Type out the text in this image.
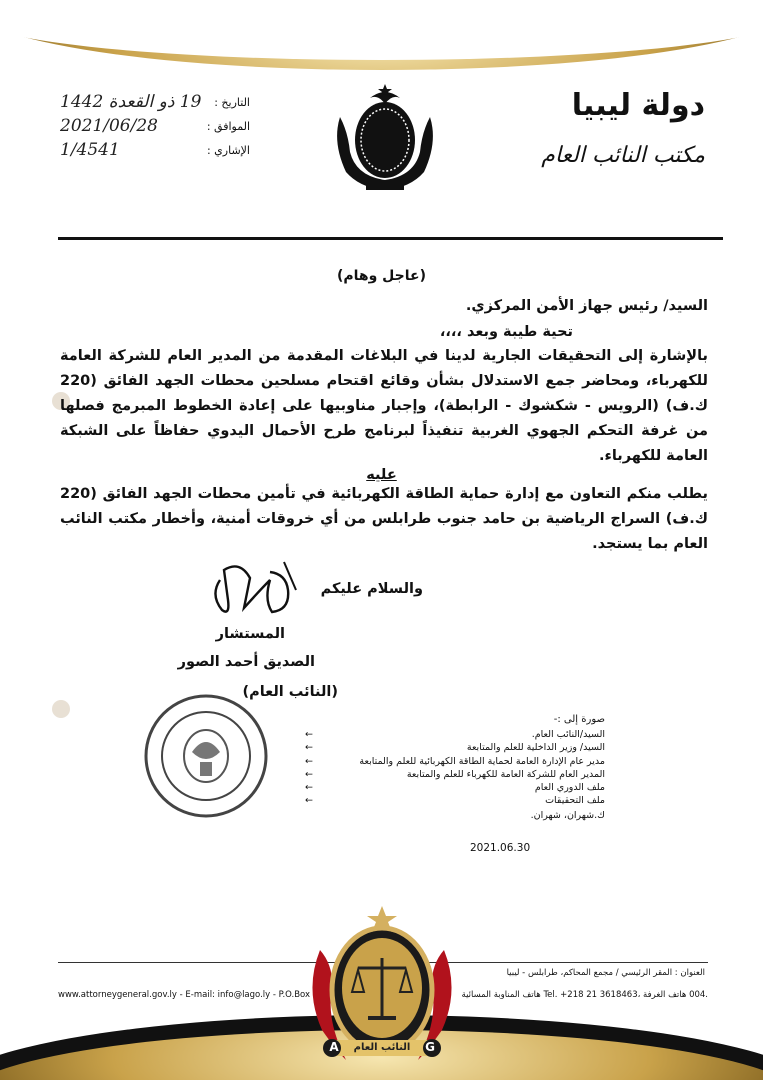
دولة ليبيا
مكتب النائب العام
التاريخ :
19 ذو القعدة 1442
الموافق :
2021/06/28
الإشاري :
1/4541
(عاجل وهام)
السيد/ رئيس جهاز الأمن المركزي.
تحية طيبة وبعد ،،،،
بالإشارة إلى التحقيقات الجارية لدينا في البلاغات المقدمة من المدير العام للشركة العامة للكهرباء، ومحاضر جمع الاستدلال بشأن وقائع اقتحام مسلحين محطات الجهد الفائق (220 ك.ف) (الرويس - شكشوك - الرابطة)، وإجبار مناوبيها على إعادة الخطوط المبرمج فصلها من غرفة التحكم الجهوي الغربية تنفيذاً لبرنامج طرح الأحمال اليدوي حفاظاً على الشبكة العامة للكهرباء.
عليه
يطلب منكم التعاون مع إدارة حماية الطاقة الكهربائية في تأمين محطات الجهد الفائق (220 ك.ف) السراج الرياضية بن حامد جنوب طرابلس من أي خروقات أمنية، وأخطار مكتب النائب العام بما يستجد.
والسلام عليكم
المستشار
الصديق أحمد الصور
(النائب العام)
صورة إلى :-
← السيد/النائب العام.
← السيد/ وزير الداخلية للعلم والمتابعة
← مدير عام الإدارة العامة لحماية الطاقة الكهربائية للعلم والمتابعة
← المدير العام للشركة العامة للكهرباء للعلم والمتابعة
← ملف الدوري العام
← ملف التحقيقات
ك.شهران، شهران.
2021.06.30
العنوان : المقر الرئيسي / مجمع المحاكم، طرابلس - ليبيا
www.attorneygeneral.gov.ly - E-mail: info@lago.ly - P.O.Box	.004 هاتف الغرفة ،Tel. +218 21 3618463 هاتف المناوبة المسائية
A	G
النائب العام
